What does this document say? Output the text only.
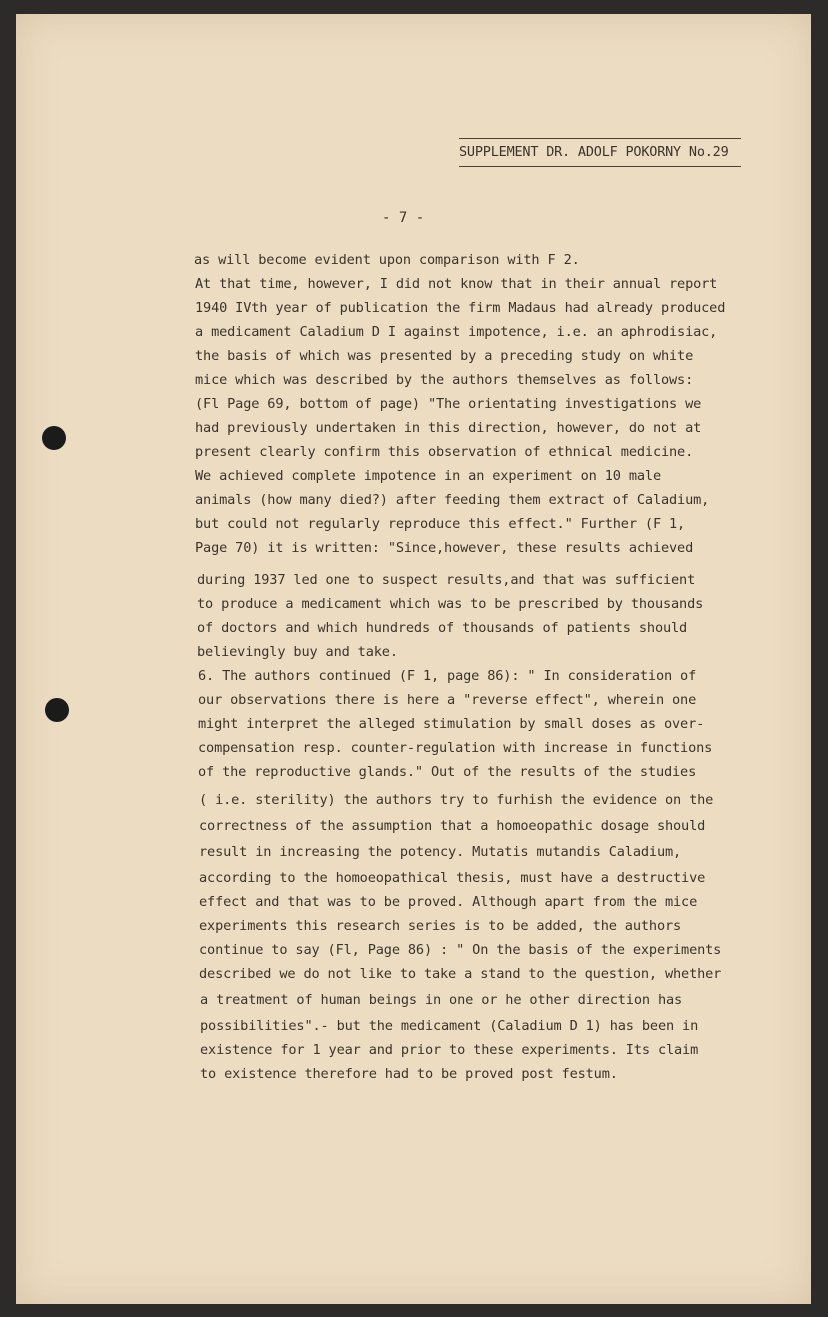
SUPPLEMENT DR. ADOLF POKORNY No.29
- 7 -
as will become evident upon comparison with F 2.
At that time, however, I did not know that in their annual report
1940 IVth year of publication the firm Madaus had already produced
a medicament Caladium D I against impotence, i.e. an aphrodisiac,
the basis of which was presented by a preceding study on white
mice which was described by the authors themselves as follows:
(Fl Page 69, bottom of page) "The orientating investigations we
had previously undertaken in this direction, however, do not at
present clearly confirm this observation of ethnical medicine.
We achieved complete impotence in an experiment on 10 male
animals (how many died?) after feeding them extract of Caladium,
but could not regularly reproduce this effect." Further (F 1,
Page 70) it is written: "Since,however, these results achieved
during 1937 led one to suspect results,and that was sufficient
to produce a medicament which was to be prescribed by thousands
of doctors and which hundreds of thousands of patients should
believingly buy and take.
6. The authors continued (F 1, page 86): " In consideration of
our observations there is here a "reverse effect", wherein one
might interpret the alleged stimulation by small doses as over-
compensation resp. counter-regulation with increase in functions
of the reproductive glands." Out of the results of the studies
( i.e. sterility) the authors try to furhish the evidence on the
correctness of the assumption that a homoeopathic dosage should
result in increasing the potency. Mutatis mutandis Caladium,
according to the homoeopathical thesis, must have a destructive
effect and that was to be proved. Although apart from the mice
experiments this research series is to be added, the authors
continue to say (Fl, Page 86) : " On the basis of the experiments
described we do not like to take a stand to the question, whether
a treatment of human beings in one or he other direction has
possibilities".- but the medicament (Caladium D 1) has been in
existence for 1 year and prior to these experiments. Its claim
to existence therefore had to be proved post festum.
